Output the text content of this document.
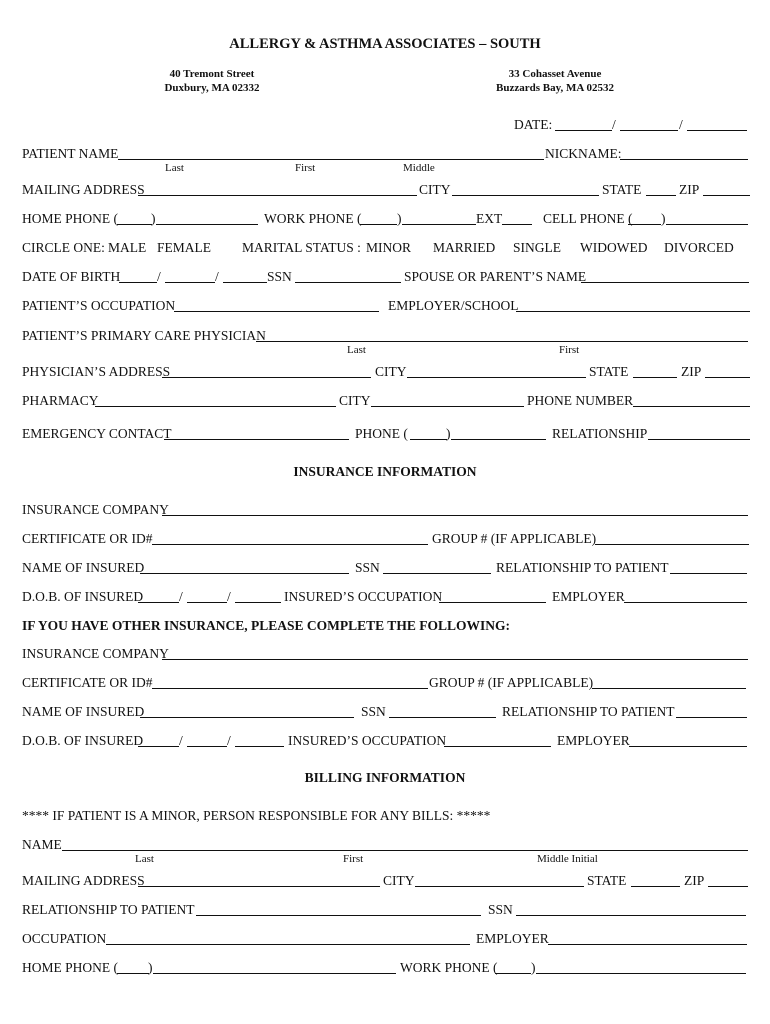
ALLERGY & ASTHMA ASSOCIATES – SOUTH
40 Tremont Street
Duxbury, MA 02332
33 Cohasset Avenue
Buzzards Bay, MA 02532
DATE:	/	/
PATIENT NAME	NICKNAME:
Last	First	Middle
MAILING ADDRESS	CITY	STATE	ZIP
HOME PHONE ( )	WORK PHONE (	)	EXT	CELL PHONE ( )
CIRCLE ONE: MALE FEMALE MARITAL STATUS : MINOR MARRIED SINGLE WIDOWED DIVORCED
DATE OF BIRTH	/	/	SSN	SPOUSE OR PARENT’S NAME
PATIENT’S OCCUPATION	EMPLOYER/SCHOOL
PATIENT’S PRIMARY CARE PHYSICIAN
Last	First
PHYSICIAN’S ADDRESS	CITY	STATE	ZIP
PHARMACY	CITY	PHONE NUMBER
EMERGENCY CONTACT	PHONE (	)	RELATIONSHIP
INSURANCE INFORMATION
INSURANCE COMPANY
CERTIFICATE OR ID#	GROUP # (IF APPLICABLE)
NAME OF INSURED	SSN	RELATIONSHIP TO PATIENT
D.O.B. OF INSURED	/	/	INSURED’S OCCUPATION	EMPLOYER
IF YOU HAVE OTHER INSURANCE, PLEASE COMPLETE THE FOLLOWING:
INSURANCE COMPANY
CERTIFICATE OR ID#	GROUP # (IF APPLICABLE)
NAME OF INSURED	SSN	RELATIONSHIP TO PATIENT
D.O.B. OF INSURED	/	/	INSURED’S OCCUPATION	EMPLOYER
BILLING INFORMATION
**** IF PATIENT IS A MINOR, PERSON RESPONSIBLE FOR ANY BILLS: *****
NAME
Last	First	Middle Initial
MAILING ADDRESS	CITY	STATE	ZIP
RELATIONSHIP TO PATIENT	SSN
OCCUPATION	EMPLOYER
HOME PHONE ( )	WORK PHONE ( )
